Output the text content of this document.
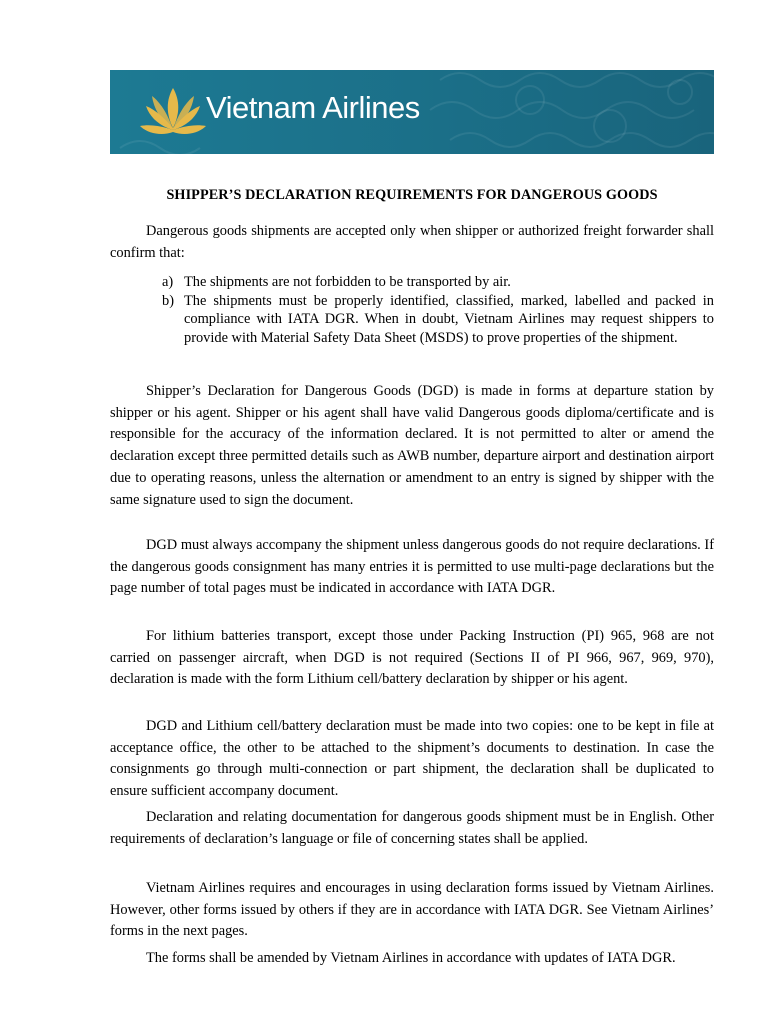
Vietnam Airlines
SHIPPER’S DECLARATION REQUIREMENTS FOR DANGEROUS GOODS
Dangerous goods shipments are accepted only when shipper or authorized freight forwarder shall confirm that:
a) The shipments are not forbidden to be transported by air.
b) The shipments must be properly identified, classified, marked, labelled and packed in compliance with IATA DGR. When in doubt, Vietnam Airlines may request shippers to provide with Material Safety Data Sheet (MSDS) to prove properties of the shipment.
Shipper’s Declaration for Dangerous Goods (DGD) is made in forms at departure station by shipper or his agent. Shipper or his agent shall have valid Dangerous goods diploma/certificate and is responsible for the accuracy of the information declared. It is not permitted to alter or amend the declaration except three permitted details such as AWB number, departure airport and destination airport due to operating reasons, unless the alternation or amendment to an entry is signed by shipper with the same signature used to sign the document.
DGD must always accompany the shipment unless dangerous goods do not require declarations. If the dangerous goods consignment has many entries it is permitted to use multi-page declarations but the page number of total pages must be indicated in accordance with IATA DGR.
For lithium batteries transport, except those under Packing Instruction (PI) 965, 968 are not carried on passenger aircraft, when DGD is not required (Sections II of PI 966, 967, 969, 970), declaration is made with the form Lithium cell/battery declaration by shipper or his agent.
DGD and Lithium cell/battery declaration must be made into two copies: one to be kept in file at acceptance office, the other to be attached to the shipment’s documents to destination. In case the consignments go through multi-connection or part shipment, the declaration shall be duplicated to ensure sufficient accompany document.
Declaration and relating documentation for dangerous goods shipment must be in English. Other requirements of declaration’s language or file of concerning states shall be applied.
Vietnam Airlines requires and encourages in using declaration forms issued by Vietnam Airlines. However, other forms issued by others if they are in accordance with IATA DGR. See Vietnam Airlines’ forms in the next pages.
The forms shall be amended by Vietnam Airlines in accordance with updates of IATA DGR.
